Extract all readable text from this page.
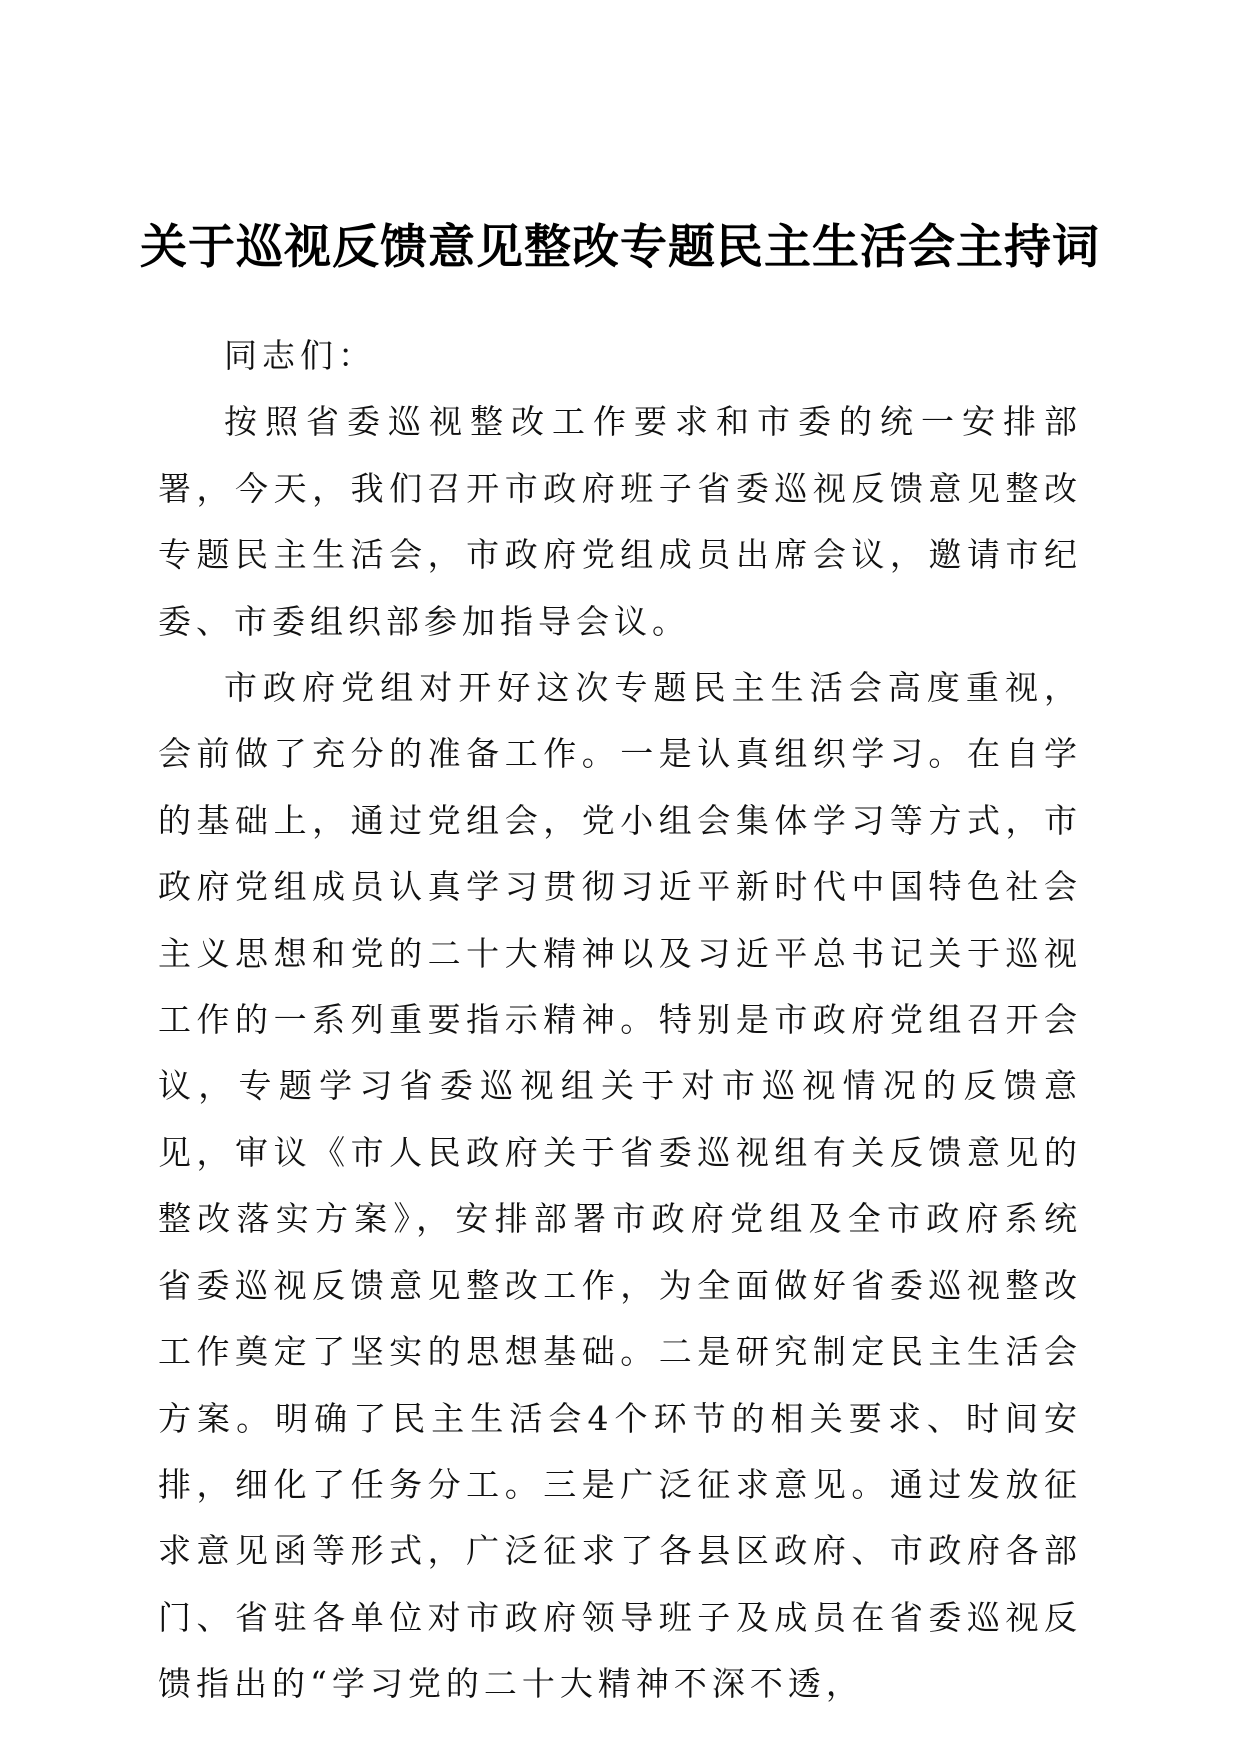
关于巡视反馈意见整改专题民主生活会主持词

同志们：

按照省委巡视整改工作要求和市委的统一安排部署，今天，我们召开市政府班子省委巡视反馈意见整改专题民主生活会，市政府党组成员出席会议，邀请市纪委、市委组织部参加指导会议。

市政府党组对开好这次专题民主生活会高度重视，会前做了充分的准备工作。一是认真组织学习。在自学的基础上，通过党组会，党小组会集体学习等方式，市政府党组成员认真学习贯彻习近平新时代中国特色社会主义思想和党的二十大精神以及习近平总书记关于巡视工作的一系列重要指示精神。特别是市政府党组召开会议，专题学习省委巡视组关于对市巡视情况的反馈意见，审议《市人民政府关于省委巡视组有关反馈意见的整改落实方案》，安排部署市政府党组及全市政府系统省委巡视反馈意见整改工作，为全面做好省委巡视整改工作奠定了坚实的思想基础。二是研究制定民主生活会方案。明确了民主生活会4个环节的相关要求、时间安排，细化了任务分工。三是广泛征求意见。通过发放征求意见函等形式，广泛征求了各县区政府、市政府各部门、省驻各单位对市政府领导班子及成员在省委巡视反馈指出的“学习党的二十大精神不深不透，
